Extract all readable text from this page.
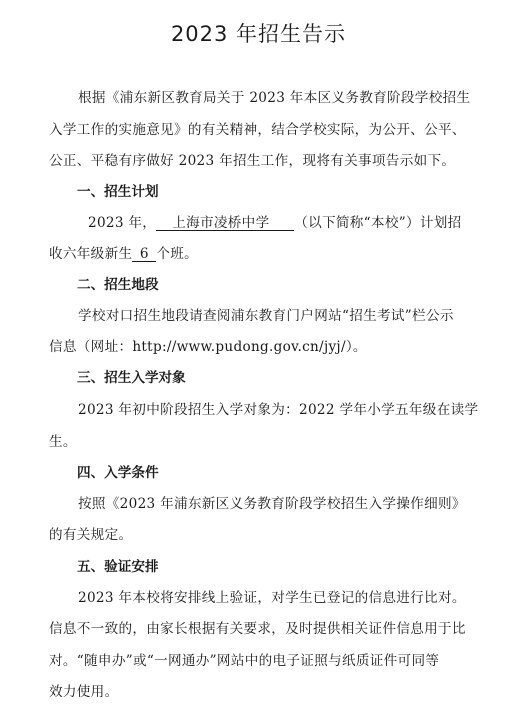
2023 年招生告示
根据《浦东新区教育局关于 2023 年本区义务教育阶段学校招生
入学工作的实施意见》的有关精神，结合学校实际，为公开、公平、
公正、平稳有序做好 2023 年招生工作，现将有关事项告示如下。
一、招生计划
2023 年， 上海市凌桥中学 （以下简称“本校”）计划招
收六年级新生 6 个班。
二、招生地段
学校对口招生地段请查阅浦东教育门户网站“招生考试”栏公示
信息（网址：http://www.pudong.gov.cn/jyj/）。
三、招生入学对象
2023 年初中阶段招生入学对象为：2022 学年小学五年级在读学
生。
四、入学条件
按照《2023 年浦东新区义务教育阶段学校招生入学操作细则》
的有关规定。
五、验证安排
2023 年本校将安排线上验证，对学生已登记的信息进行比对。
信息不一致的，由家长根据有关要求，及时提供相关证件信息用于比
对。“随申办”或“一网通办”网站中的电子证照与纸质证件可同等
效力使用。
